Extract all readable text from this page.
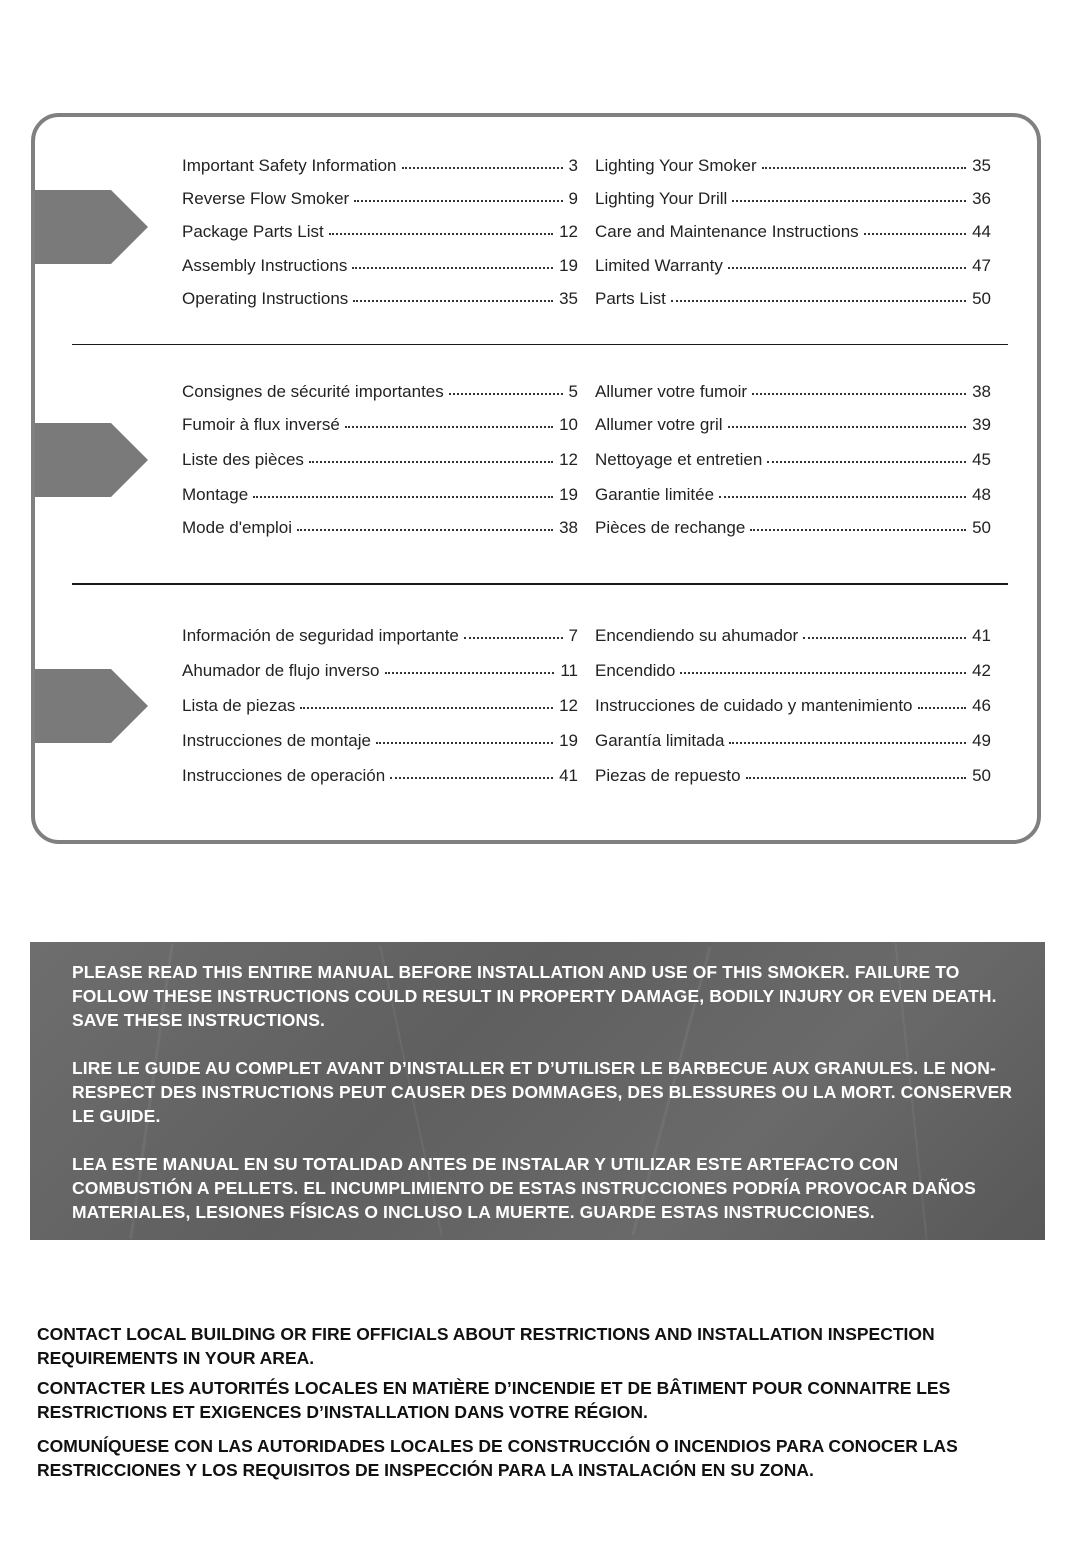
Important Safety Information	3
Reverse Flow Smoker	9
Package Parts List	12
Assembly Instructions	19
Operating Instructions	35
Lighting Your Smoker	35
Lighting Your Drill	36
Care and Maintenance Instructions	44
Limited Warranty	47
Parts List	50
Consignes de sécurité importantes	5
Fumoir à flux inversé	10
Liste des pièces	12
Montage	19
Mode d'emploi	38
Allumer votre fumoir	38
Allumer votre gril	39
Nettoyage et entretien	45
Garantie limitée	48
Pièces de rechange	50
Información de seguridad importante	7
Ahumador de flujo inverso	11
Lista de piezas	12
Instrucciones de montaje	19
Instrucciones de operación	41
Encendiendo su ahumador	41
Encendido	42
Instrucciones de cuidado y mantenimiento	46
Garantía limitada	49
Piezas de repuesto	50
PLEASE READ THIS ENTIRE MANUAL BEFORE INSTALLATION AND USE OF THIS SMOKER. FAILURE TO FOLLOW THESE INSTRUCTIONS COULD RESULT IN PROPERTY DAMAGE, BODILY INJURY OR EVEN DEATH. SAVE THESE INSTRUCTIONS.
LIRE LE GUIDE AU COMPLET AVANT D’INSTALLER ET D’UTILISER LE BARBECUE AUX GRANULES. LE NON-RESPECT DES INSTRUCTIONS PEUT CAUSER DES DOMMAGES, DES BLESSURES OU LA MORT. CONSERVER LE GUIDE.
LEA ESTE MANUAL EN SU TOTALIDAD ANTES DE INSTALAR Y UTILIZAR ESTE ARTEFACTO CON COMBUSTIÓN A PELLETS. EL INCUMPLIMIENTO DE ESTAS INSTRUCCIONES PODRÍA PROVOCAR DAÑOS MATERIALES, LESIONES FÍSICAS O INCLUSO LA MUERTE. GUARDE ESTAS INSTRUCCIONES.
CONTACT LOCAL BUILDING OR FIRE OFFICIALS ABOUT RESTRICTIONS AND INSTALLATION INSPECTION REQUIREMENTS IN YOUR AREA.
CONTACTER LES AUTORITÉS LOCALES EN MATIÈRE D’INCENDIE ET DE BÂTIMENT POUR CONNAITRE LES RESTRICTIONS ET EXIGENCES D’INSTALLATION DANS VOTRE RÉGION.
COMUNÍQUESE CON LAS AUTORIDADES LOCALES DE CONSTRUCCIÓN O INCENDIOS PARA CONOCER LAS RESTRICCIONES Y LOS REQUISITOS DE INSPECCIÓN PARA LA INSTALACIÓN EN SU ZONA.
